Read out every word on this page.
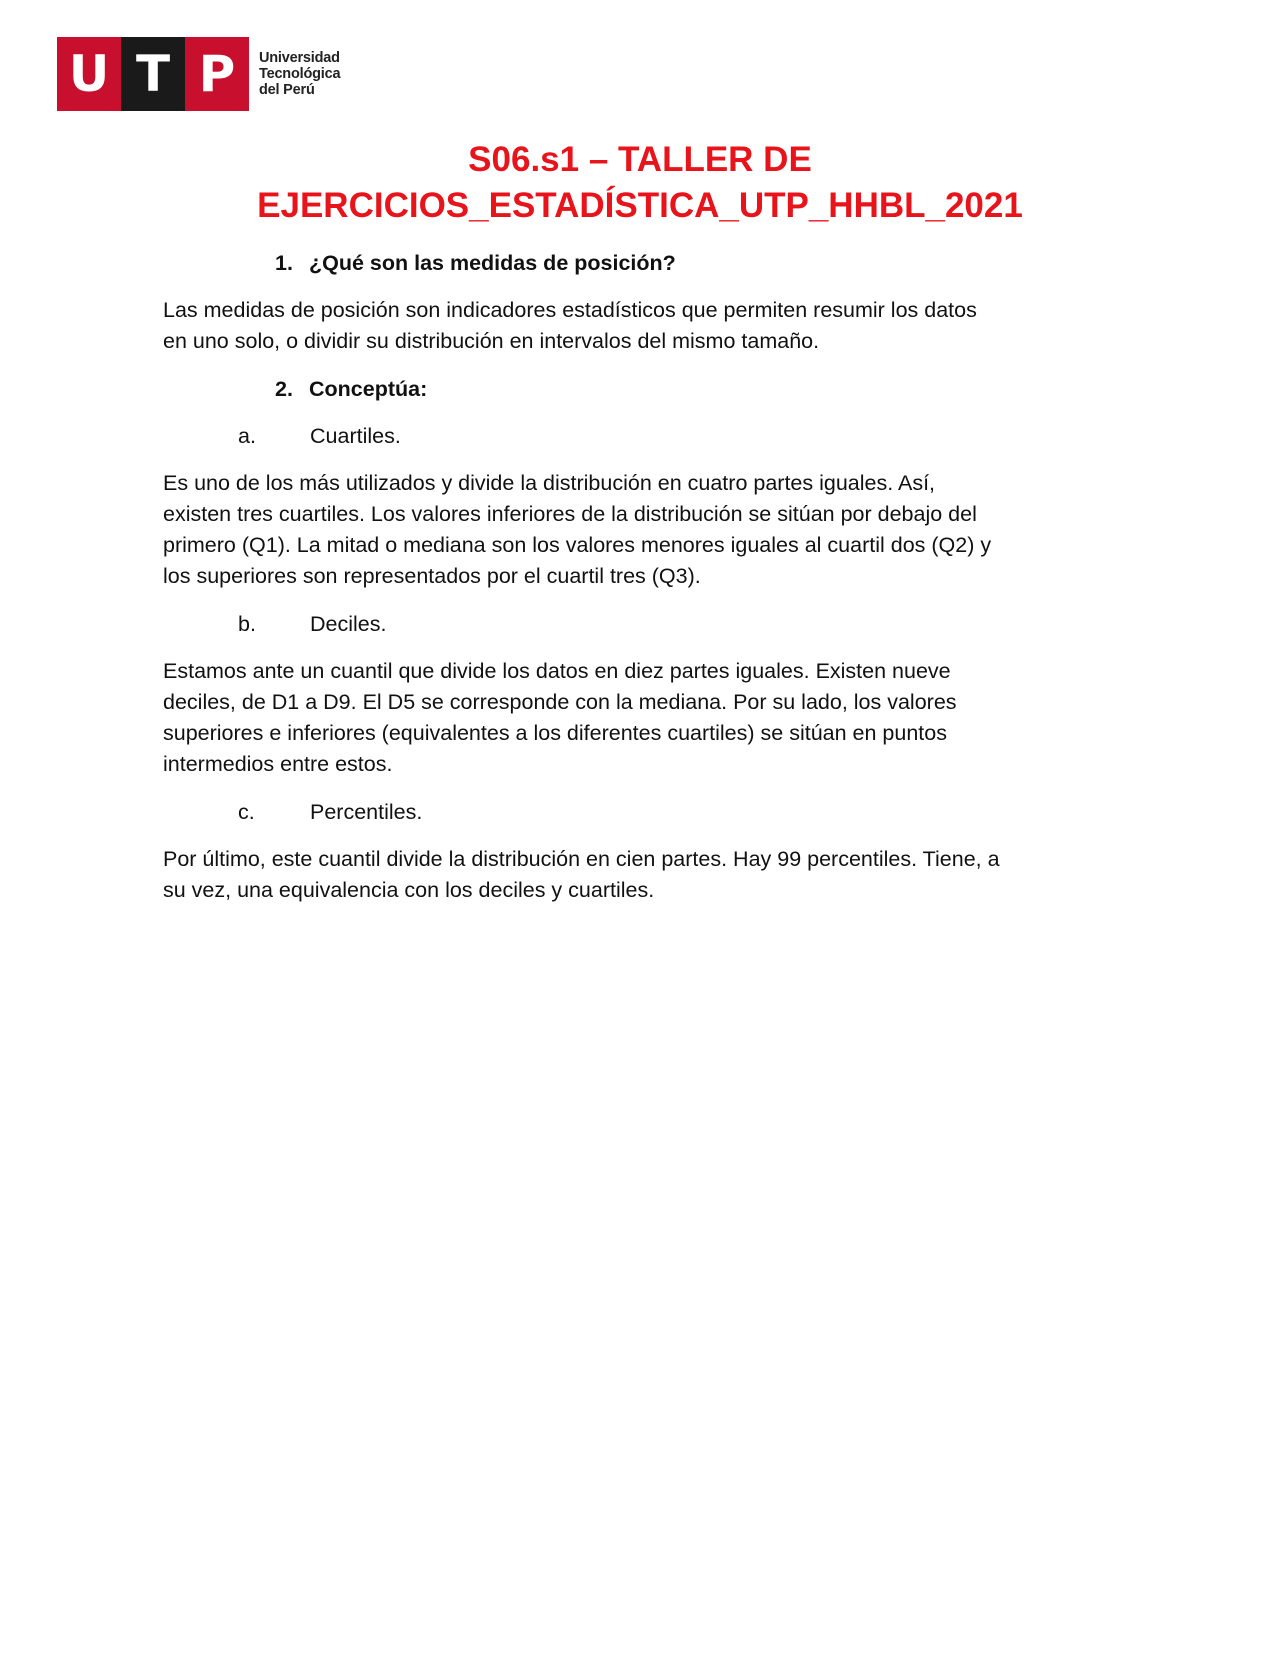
U T P	Universidad
Tecnológica
del Perú
S06.s1 – TALLER DE
EJERCICIOS_ESTADÍSTICA_UTP_HHBL_2021
1. ¿Qué son las medidas de posición?
Las medidas de posición son indicadores estadísticos que permiten resumir los datos
en uno solo, o dividir su distribución en intervalos del mismo tamaño.
2. Conceptúa:
a.	Cuartiles.
Es uno de los más utilizados y divide la distribución en cuatro partes iguales. Así,
existen tres cuartiles. Los valores inferiores de la distribución se sitúan por debajo del
primero (Q1). La mitad o mediana son los valores menores iguales al cuartil dos (Q2) y
los superiores son representados por el cuartil tres (Q3).
b.	Deciles.
Estamos ante un cuantil que divide los datos en diez partes iguales. Existen nueve
deciles, de D1 a D9. El D5 se corresponde con la mediana. Por su lado, los valores
superiores e inferiores (equivalentes a los diferentes cuartiles) se sitúan en puntos
intermedios entre estos.
c.	Percentiles.
Por último, este cuantil divide la distribución en cien partes. Hay 99 percentiles. Tiene, a
su vez, una equivalencia con los deciles y cuartiles.
